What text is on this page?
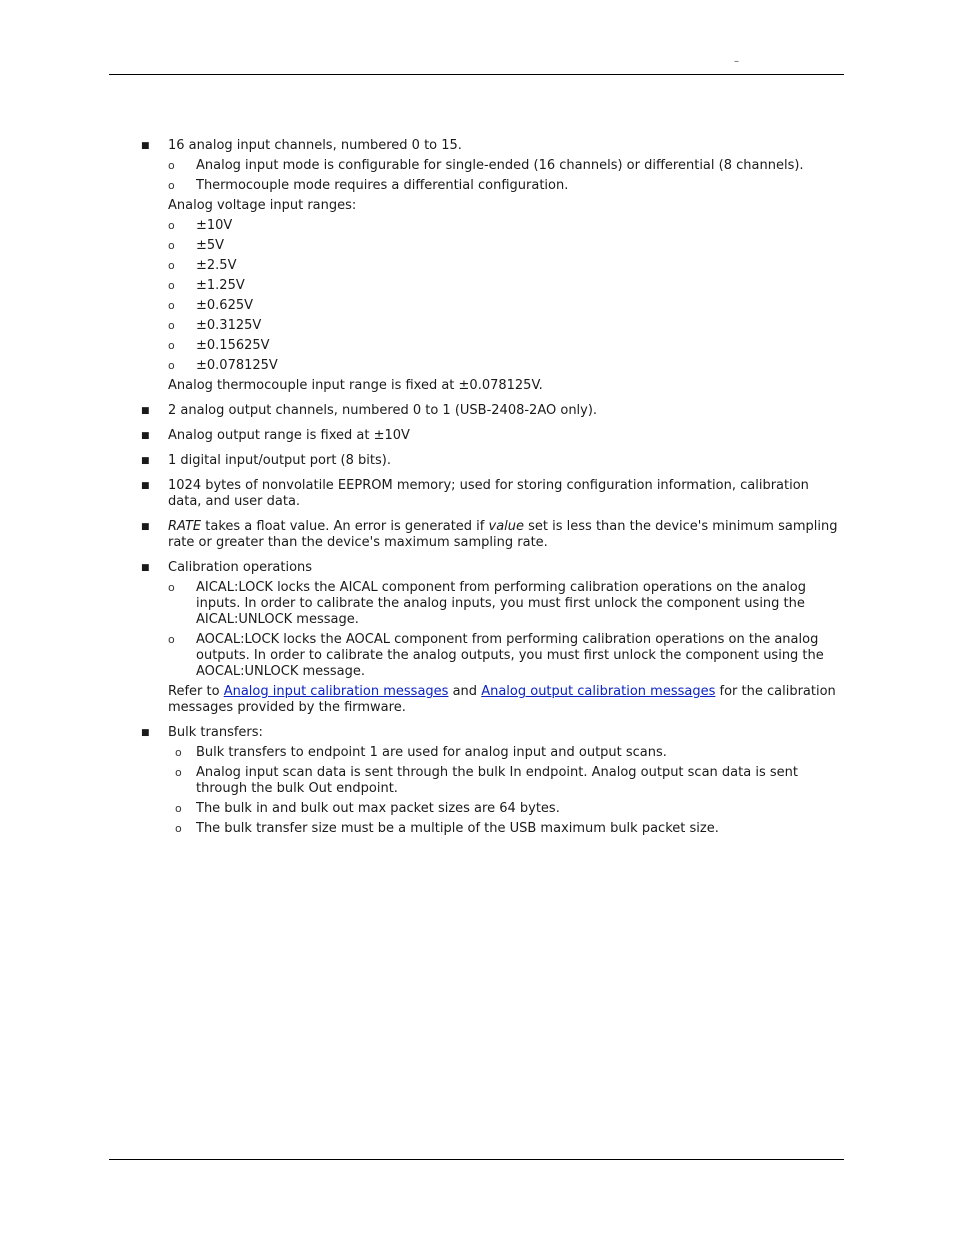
–
■ 16 analog input channels, numbered 0 to 15.
o Analog input mode is configurable for single-ended (16 channels) or differential (8 channels).
o Thermocouple mode requires a differential configuration.
Analog voltage input ranges:
o ±10V
o ±5V
o ±2.5V
o ±1.25V
o ±0.625V
o ±0.3125V
o ±0.15625V
o ±0.078125V
Analog thermocouple input range is fixed at ±0.078125V.
■ 2 analog output channels, numbered 0 to 1 (USB-2408-2AO only).
■ Analog output range is fixed at ±10V
■ 1 digital input/output port (8 bits).
■ 1024 bytes of nonvolatile EEPROM memory; used for storing configuration information, calibration data, and user data.
■ RATE takes a float value. An error is generated if value set is less than the device's minimum sampling rate or greater than the device's maximum sampling rate.
■ Calibration operations
o AICAL:LOCK locks the AICAL component from performing calibration operations on the analog inputs. In order to calibrate the analog inputs, you must first unlock the component using the AICAL:UNLOCK message.
o AOCAL:LOCK locks the AOCAL component from performing calibration operations on the analog outputs. In order to calibrate the analog outputs, you must first unlock the component using the AOCAL:UNLOCK message.
Refer to Analog input calibration messages and Analog output calibration messages for the calibration messages provided by the firmware.
■ Bulk transfers:
o Bulk transfers to endpoint 1 are used for analog input and output scans.
o Analog input scan data is sent through the bulk In endpoint. Analog output scan data is sent through the bulk Out endpoint.
o The bulk in and bulk out max packet sizes are 64 bytes.
o The bulk transfer size must be a multiple of the USB maximum bulk packet size.
